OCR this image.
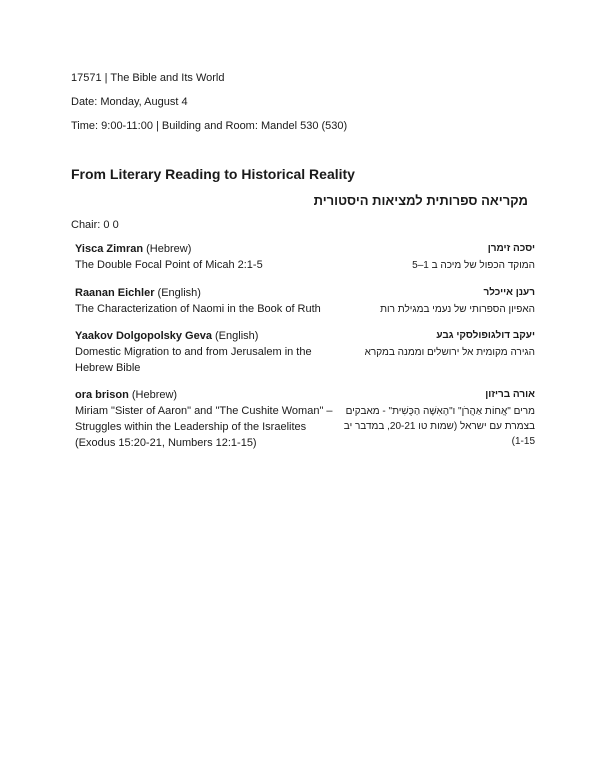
17571 | The Bible and Its World
Date: Monday, August 4
Time: 9:00-11:00 | Building and Room: Mandel 530 (530)
From Literary Reading to Historical Reality
מקריאה ספרותית למציאות היסטורית
Chair: 0 0
Yisca Zimran (Hebrew)
The Double Focal Point of Micah 2:1-5
יסכה זימרן
המוקד הכפול של מיכה ב 1–5
Raanan Eichler (English)
The Characterization of Naomi in the Book of Ruth
רענן אייכלר
האפיון הספרותי של נעמי במגילת רות
Yaakov Dolgopolsky Geva (English)
Domestic Migration to and from Jerusalem in the Hebrew Bible
יעקב דולגופולסקי גבע
הגירה מקומית אל ירושלים וממנה במקרא
ora brison (Hebrew)
Miriam "Sister of Aaron" and "The Cushite Woman" – Struggles within the Leadership of the Israelites (Exodus 15:20-21, Numbers 12:1-15)
אורה בריזון
מרים "אֲחוֹת אַהֲרֹן" ו"הָאִשָּׁה הַכֻּשִׁית" - מאבקים בצמרת עם ישראל (שמות טו 20-21, במדבר יב 1-15)
